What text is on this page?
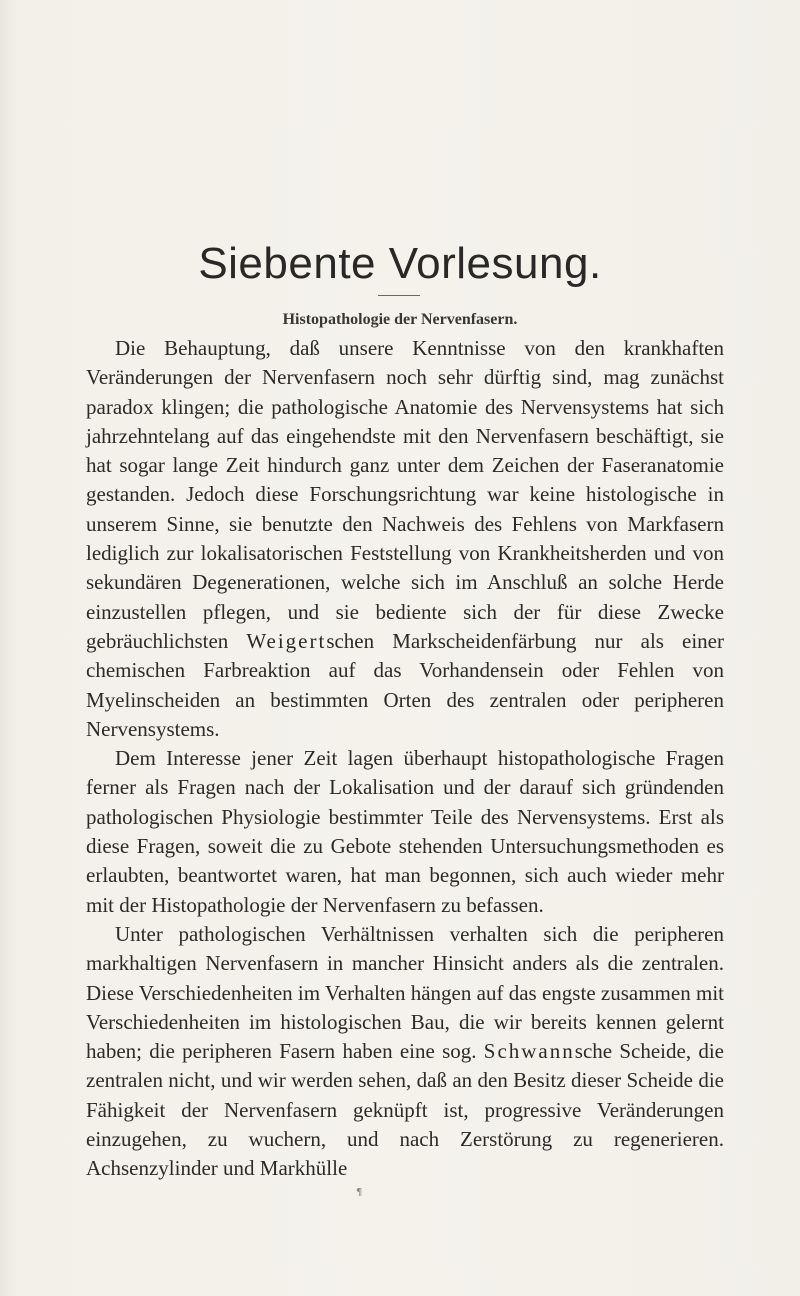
Siebente Vorlesung.
Histopathologie der Nervenfasern.

Die Behauptung, daß unsere Kenntnisse von den krankhaften Veränderungen der Nervenfasern noch sehr dürftig sind, mag zunächst paradox klingen; die pathologische Anatomie des Nervensystems hat sich jahrzehntelang auf das eingehendste mit den Nervenfasern beschäftigt, sie hat sogar lange Zeit hindurch ganz unter dem Zeichen der Faseranatomie gestanden. Jedoch diese Forschungsrichtung war keine histologische in unserem Sinne, sie benutzte den Nachweis des Fehlens von Markfasern lediglich zur lokalisatorischen Feststellung von Krankheitsherden und von sekundären Degenerationen, welche sich im Anschluß an solche Herde einzustellen pflegen, und sie bediente sich der für diese Zwecke gebräuchlichsten Weigertschen Markscheidenfärbung nur als einer chemischen Farbreaktion auf das Vorhandensein oder Fehlen von Myelinscheiden an bestimmten Orten des zentralen oder peripheren Nervensystems.

Dem Interesse jener Zeit lagen überhaupt histopathologische Fragen ferner als Fragen nach der Lokalisation und der darauf sich gründenden pathologischen Physiologie bestimmter Teile des Nervensystems. Erst als diese Fragen, soweit die zu Gebote stehenden Untersuchungsmethoden es erlaubten, beantwortet waren, hat man begonnen, sich auch wieder mehr mit der Histopathologie der Nervenfasern zu befassen.

Unter pathologischen Verhältnissen verhalten sich die peripheren markhaltigen Nervenfasern in mancher Hinsicht anders als die zentralen. Diese Verschiedenheiten im Verhalten hängen auf das engste zusammen mit Verschiedenheiten im histologischen Bau, die wir bereits kennen gelernt haben; die peripheren Fasern haben eine sog. Schwannsche Scheide, die zentralen nicht, und wir werden sehen, daß an den Besitz dieser Scheide die Fähigkeit der Nervenfasern geknüpft ist, progressive Veränderungen einzugehen, zu wuchern, und nach Zerstörung zu regenerieren. Achsenzylinder und Markhülle

¶
